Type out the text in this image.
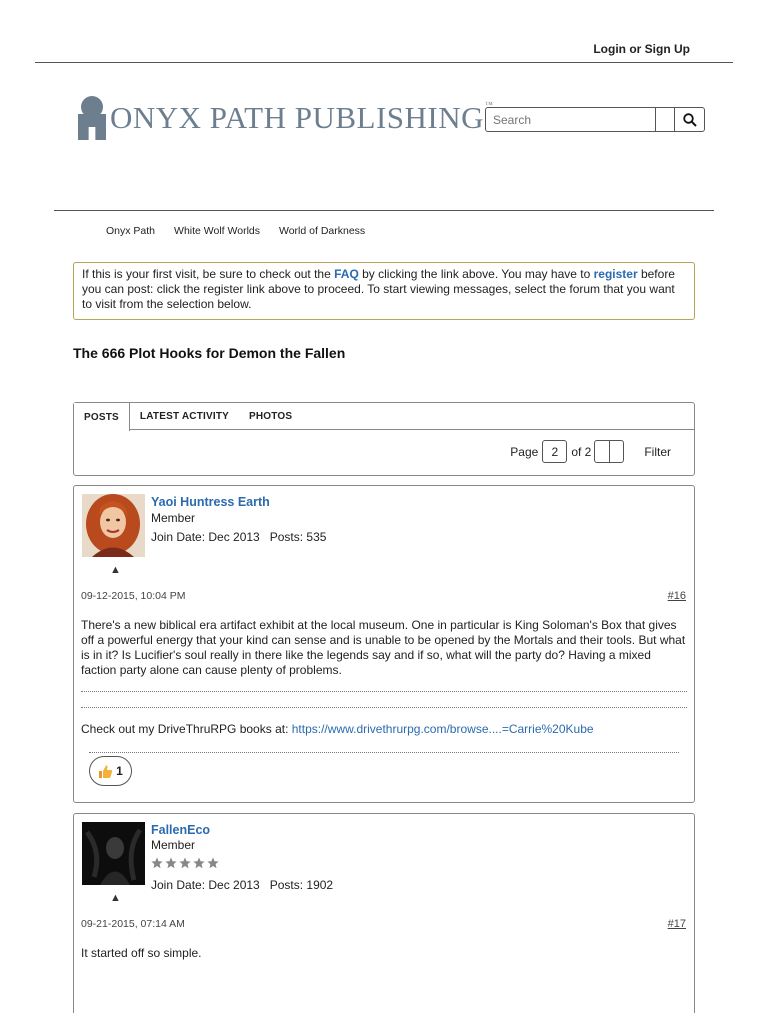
Login or Sign Up
ONYX PATH PUBLISHING™
Search
Onyx Path White Wolf Worlds World of Darkness
If this is your first visit, be sure to check out the FAQ by clicking the link above. You may have to register before you can post: click the register link above to proceed. To start viewing messages, select the forum that you want to visit from the selection below.
The 666 Plot Hooks for Demon the Fallen
POSTS	LATEST ACTIVITY	PHOTOS
Page	2	of 2	Filter
▲
Yaoi Huntress Earth
Member
Join Date: Dec 2013 Posts: 535
09-12-2015, 10:04 PM	#16
There's a new biblical era artifact exhibit at the local museum. One in particular is King Soloman's Box that gives off a powerful energy that your kind can sense and is unable to be opened by the Mortals and their tools. But what is in it? Is Lucifier's soul really in there like the legends say and if so, what will the party do? Having a mixed faction party alone can cause plenty of problems.
Check out my DriveThruRPG books at: https://www.drivethrurpg.com/browse....=Carrie%20Kube
1
▲
FallenEco
Member
Join Date: Dec 2013 Posts: 1902
09-21-2015, 07:14 AM	#17
It started off so simple.
